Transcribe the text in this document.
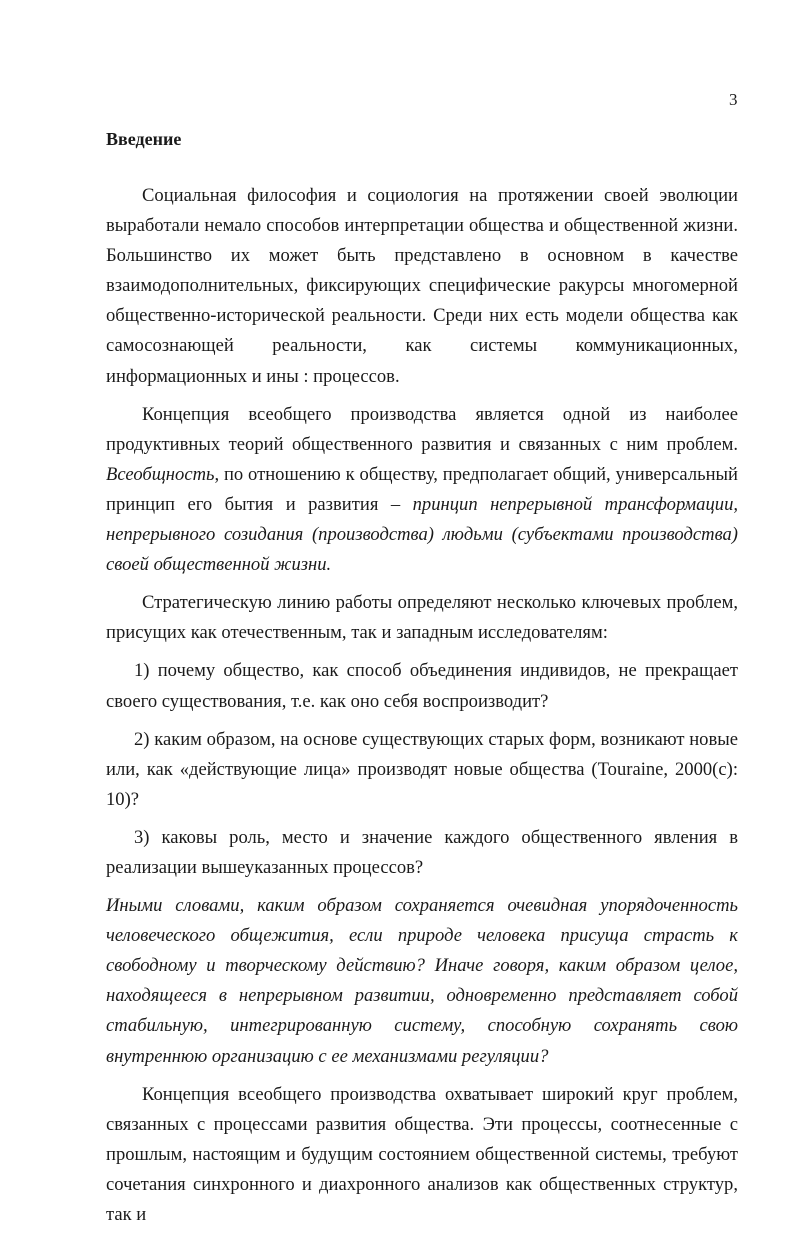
3
Введение

Социальная философия и социология на протяжении своей эволюции выработали немало способов интерпретации общества и общественной жизни. Большинство их может быть представлено в основном в качестве взаимодополнительных, фиксирующих специфические ракурсы многомерной общественно-исторической реальности. Среди них есть модели общества как самосознающей реальности, как системы коммуникационных, информационных и ины : процессов.

Концепция всеобщего производства является одной из наиболее продуктивных теорий общественного развития и связанных с ним проблем. Всеобщность, по отношению к обществу, предполагает общий, универсальный принцип его бытия и развития – принцип непрерывной трансформации, непрерывного созидания (производства) людьми (субъектами производства) своей общественной жизни.

Стратегическую линию работы определяют несколько ключевых проблем, присущих как отечественным, так и западным исследователям:

1) почему общество, как способ объединения индивидов, не прекращает своего существования, т.е. как оно себя воспроизводит?

2) каким образом, на основе существующих старых форм, возникают новые или, как «действующие лица» производят новые общества (Touraine, 2000(c): 10)?

3) каковы роль, место и значение каждого общественного явления в реализации вышеуказанных процессов?

Иными словами, каким образом сохраняется очевидная упорядоченность человеческого общежития, если природе человека присуща страсть к свободному и творческому действию? Иначе говоря, каким образом целое, находящееся в непрерывном развитии, одновременно представляет собой стабильную, интегрированную систему, способную сохранять свою внутреннюю организацию с ее механизмами регуляции?

Концепция всеобщего производства охватывает широкий круг проблем, связанных с процессами развития общества. Эти процессы, соотнесенные с прошлым, настоящим и будущим состоянием общественной системы, требуют сочетания синхронного и диахронного анализов как общественных структур, так и
